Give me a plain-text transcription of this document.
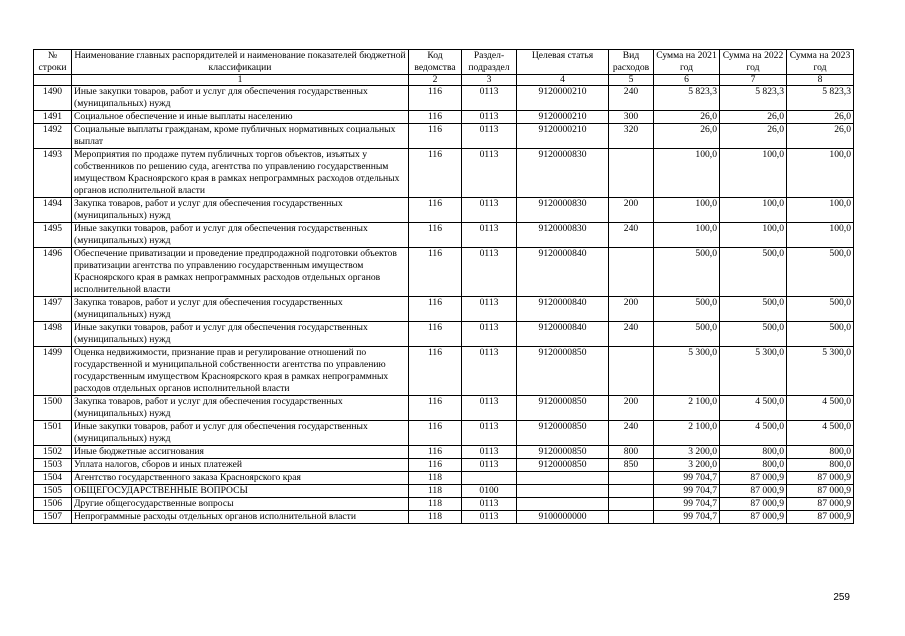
№ строки	Наименование главных распорядителей и наименование показателей бюджетной классификации	Код ведомства	Раздел-подраздел	Целевая статья	Вид расходов	Сумма на 2021 год	Сумма на 2022 год	Сумма на 2023 год
	1	2	3	4	5	6	7	8
1490	Иные закупки товаров, работ и услуг для обеспечения государственных (муниципальных) нужд	116	0113	9120000210	240	5 823,3	5 823,3	5 823,3
1491	Социальное обеспечение и иные выплаты населению	116	0113	9120000210	300	26,0	26,0	26,0
1492	Социальные выплаты гражданам, кроме публичных нормативных социальных выплат	116	0113	9120000210	320	26,0	26,0	26,0
1493	Мероприятия по продаже путем публичных торгов объектов, изъятых у собственников по решению суда, агентства по управлению государственным имуществом Красноярского края в рамках непрограммных расходов отдельных органов исполнительной власти	116	0113	9120000830		100,0	100,0	100,0
1494	Закупка товаров, работ и услуг для обеспечения государственных (муниципальных) нужд	116	0113	9120000830	200	100,0	100,0	100,0
1495	Иные закупки товаров, работ и услуг для обеспечения государственных (муниципальных) нужд	116	0113	9120000830	240	100,0	100,0	100,0
1496	Обеспечение приватизации и проведение предпродажной подготовки объектов приватизации агентства по управлению государственным имуществом Красноярского края в рамках непрограммных расходов отдельных органов исполнительной власти	116	0113	9120000840		500,0	500,0	500,0
1497	Закупка товаров, работ и услуг для обеспечения государственных (муниципальных) нужд	116	0113	9120000840	200	500,0	500,0	500,0
1498	Иные закупки товаров, работ и услуг для обеспечения государственных (муниципальных) нужд	116	0113	9120000840	240	500,0	500,0	500,0
1499	Оценка недвижимости, признание прав и регулирование отношений по государственной и муниципальной собственности агентства по управлению государственным имуществом Красноярского края в рамках непрограммных расходов отдельных органов исполнительной власти	116	0113	9120000850		5 300,0	5 300,0	5 300,0
1500	Закупка товаров, работ и услуг для обеспечения государственных (муниципальных) нужд	116	0113	9120000850	200	2 100,0	4 500,0	4 500,0
1501	Иные закупки товаров, работ и услуг для обеспечения государственных (муниципальных) нужд	116	0113	9120000850	240	2 100,0	4 500,0	4 500,0
1502	Иные бюджетные ассигнования	116	0113	9120000850	800	3 200,0	800,0	800,0
1503	Уплата налогов, сборов и иных платежей	116	0113	9120000850	850	3 200,0	800,0	800,0
1504	Агентство государственного заказа Красноярского края	118				99 704,7	87 000,9	87 000,9
1505	ОБЩЕГОСУДАРСТВЕННЫЕ ВОПРОСЫ	118	0100			99 704,7	87 000,9	87 000,9
1506	Другие общегосударственные вопросы	118	0113			99 704,7	87 000,9	87 000,9
1507	Непрограммные расходы отдельных органов исполнительной власти	118	0113	9100000000		99 704,7	87 000,9	87 000,9
259
